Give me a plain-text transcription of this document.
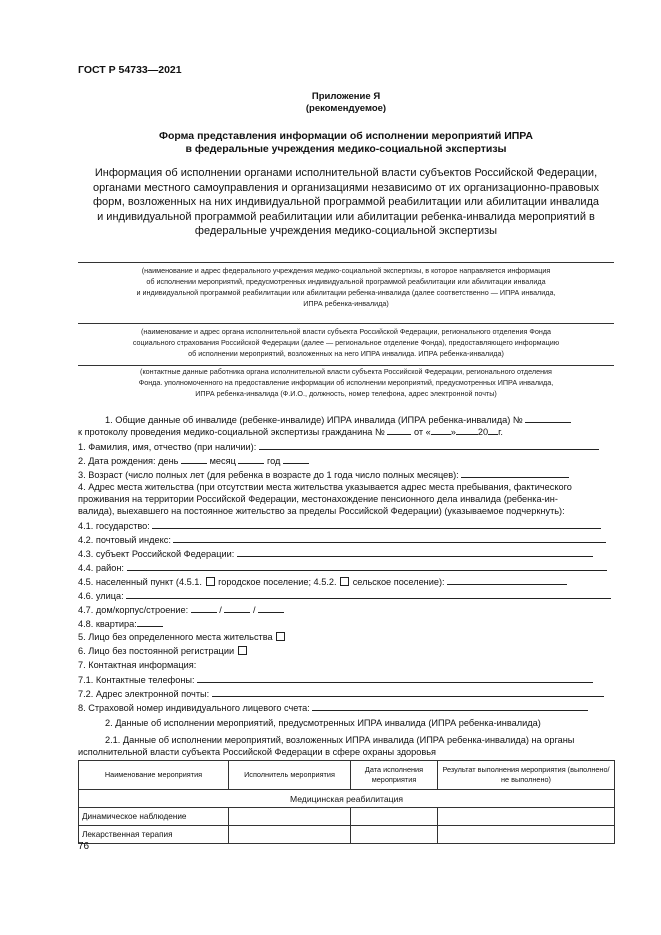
ГОСТ Р 54733—2021
Приложение Я
(рекомендуемое)
Форма представления информации об исполнении мероприятий ИПРА
в федеральные учреждения медико-социальной экспертизы
Информация об исполнении органами исполнительной власти субъектов Российской Федерации,
органами местного самоуправления и организациями независимо от их организационно-правовых
форм, возложенных на них индивидуальной программой реабилитации или абилитации инвалида
и индивидуальной программой реабилитации или абилитации ребенка-инвалида мероприятий в
федеральные учреждения медико-социальной экспертизы
(наименование и адрес федерального учреждения медико-социальной экспертизы, в которое направляется информация
об исполнении мероприятий, предусмотренных индивидуальной программой реабилитации или абилитации инвалида
и индивидуальной программой реабилитации или абилитации ребенка-инвалида (далее соответственно — ИПРА инвалида,
ИПРА ребенка-инвалида)
(наименование и адрес органа исполнительной власти субъекта Российской Федерации, регионального отделения Фонда
социального страхования Российской Федерации (далее — региональное отделение Фонда), предоставляющего информацию
об исполнении мероприятий, возложенных на него ИПРА инвалида. ИПРА ребенка-инвалида)
(контактные данные работника органа исполнительной власти субъекта Российской Федерации, регионального отделения
Фонда. уполномоченного на предоставление информации об исполнении мероприятий, предусмотренных ИПРА инвалида,
ИПРА ребенка-инвалида (Ф.И.О., должность, номер телефона, адрес электронной почты)
1. Общие данные об инвалиде (ребенке-инвалиде) ИПРА инвалида (ИПРА ребенка-инвалида) №
к протоколу проведения медико-социальной экспертизы гражданина №	от « » 20 г.
1. Фамилия, имя, отчество (при наличии):
2. Дата рождения: день	месяц	год
3. Возраст (число полных лет (для ребенка в возрасте до 1 года число полных месяцев):
4. Адрес места жительства (при отсутствии места жительства указывается адрес места пребывания, фактического
проживания на территории Российской Федерации, местонахождение пенсионного дела инвалида (ребенка-ин-
валида), выехавшего на постоянное жительство за пределы Российской Федерации) (указываемое подчеркнуть):
4.1. государство:
4.2. почтовый индекс:
4.3. субъект Российской Федерации:
4.4. район:
4.5. населенный пункт (4.5.1. городское поселение; 4.5.2. сельское поселение):
4.6. улица:
4.7. дом/корпус/строение:	/	/
4.8. квартира:
5. Лицо без определенного места жительства
6. Лицо без постоянной регистрации
7. Контактная информация:
7.1. Контактные телефоны:
7.2. Адрес электронной почты:
8. Страховой номер индивидуального лицевого счета:
2. Данные об исполнении мероприятий, предусмотренных ИПРА инвалида (ИПРА ребенка-инвалида)
2.1. Данные об исполнении мероприятий, возложенных ИПРА инвалида (ИПРА ребенка-инвалида) на органы
исполнительной власти субъекта Российской Федерации в сфере охраны здоровья
Наименование мероприятия	Исполнитель мероприятия	Дата исполнения мероприятия	Результат выполнения мероприятия (выполнено/не выполнено)
Медицинская реабилитация			
Динамическое наблюдение			
Лекарственная терапия			
76
